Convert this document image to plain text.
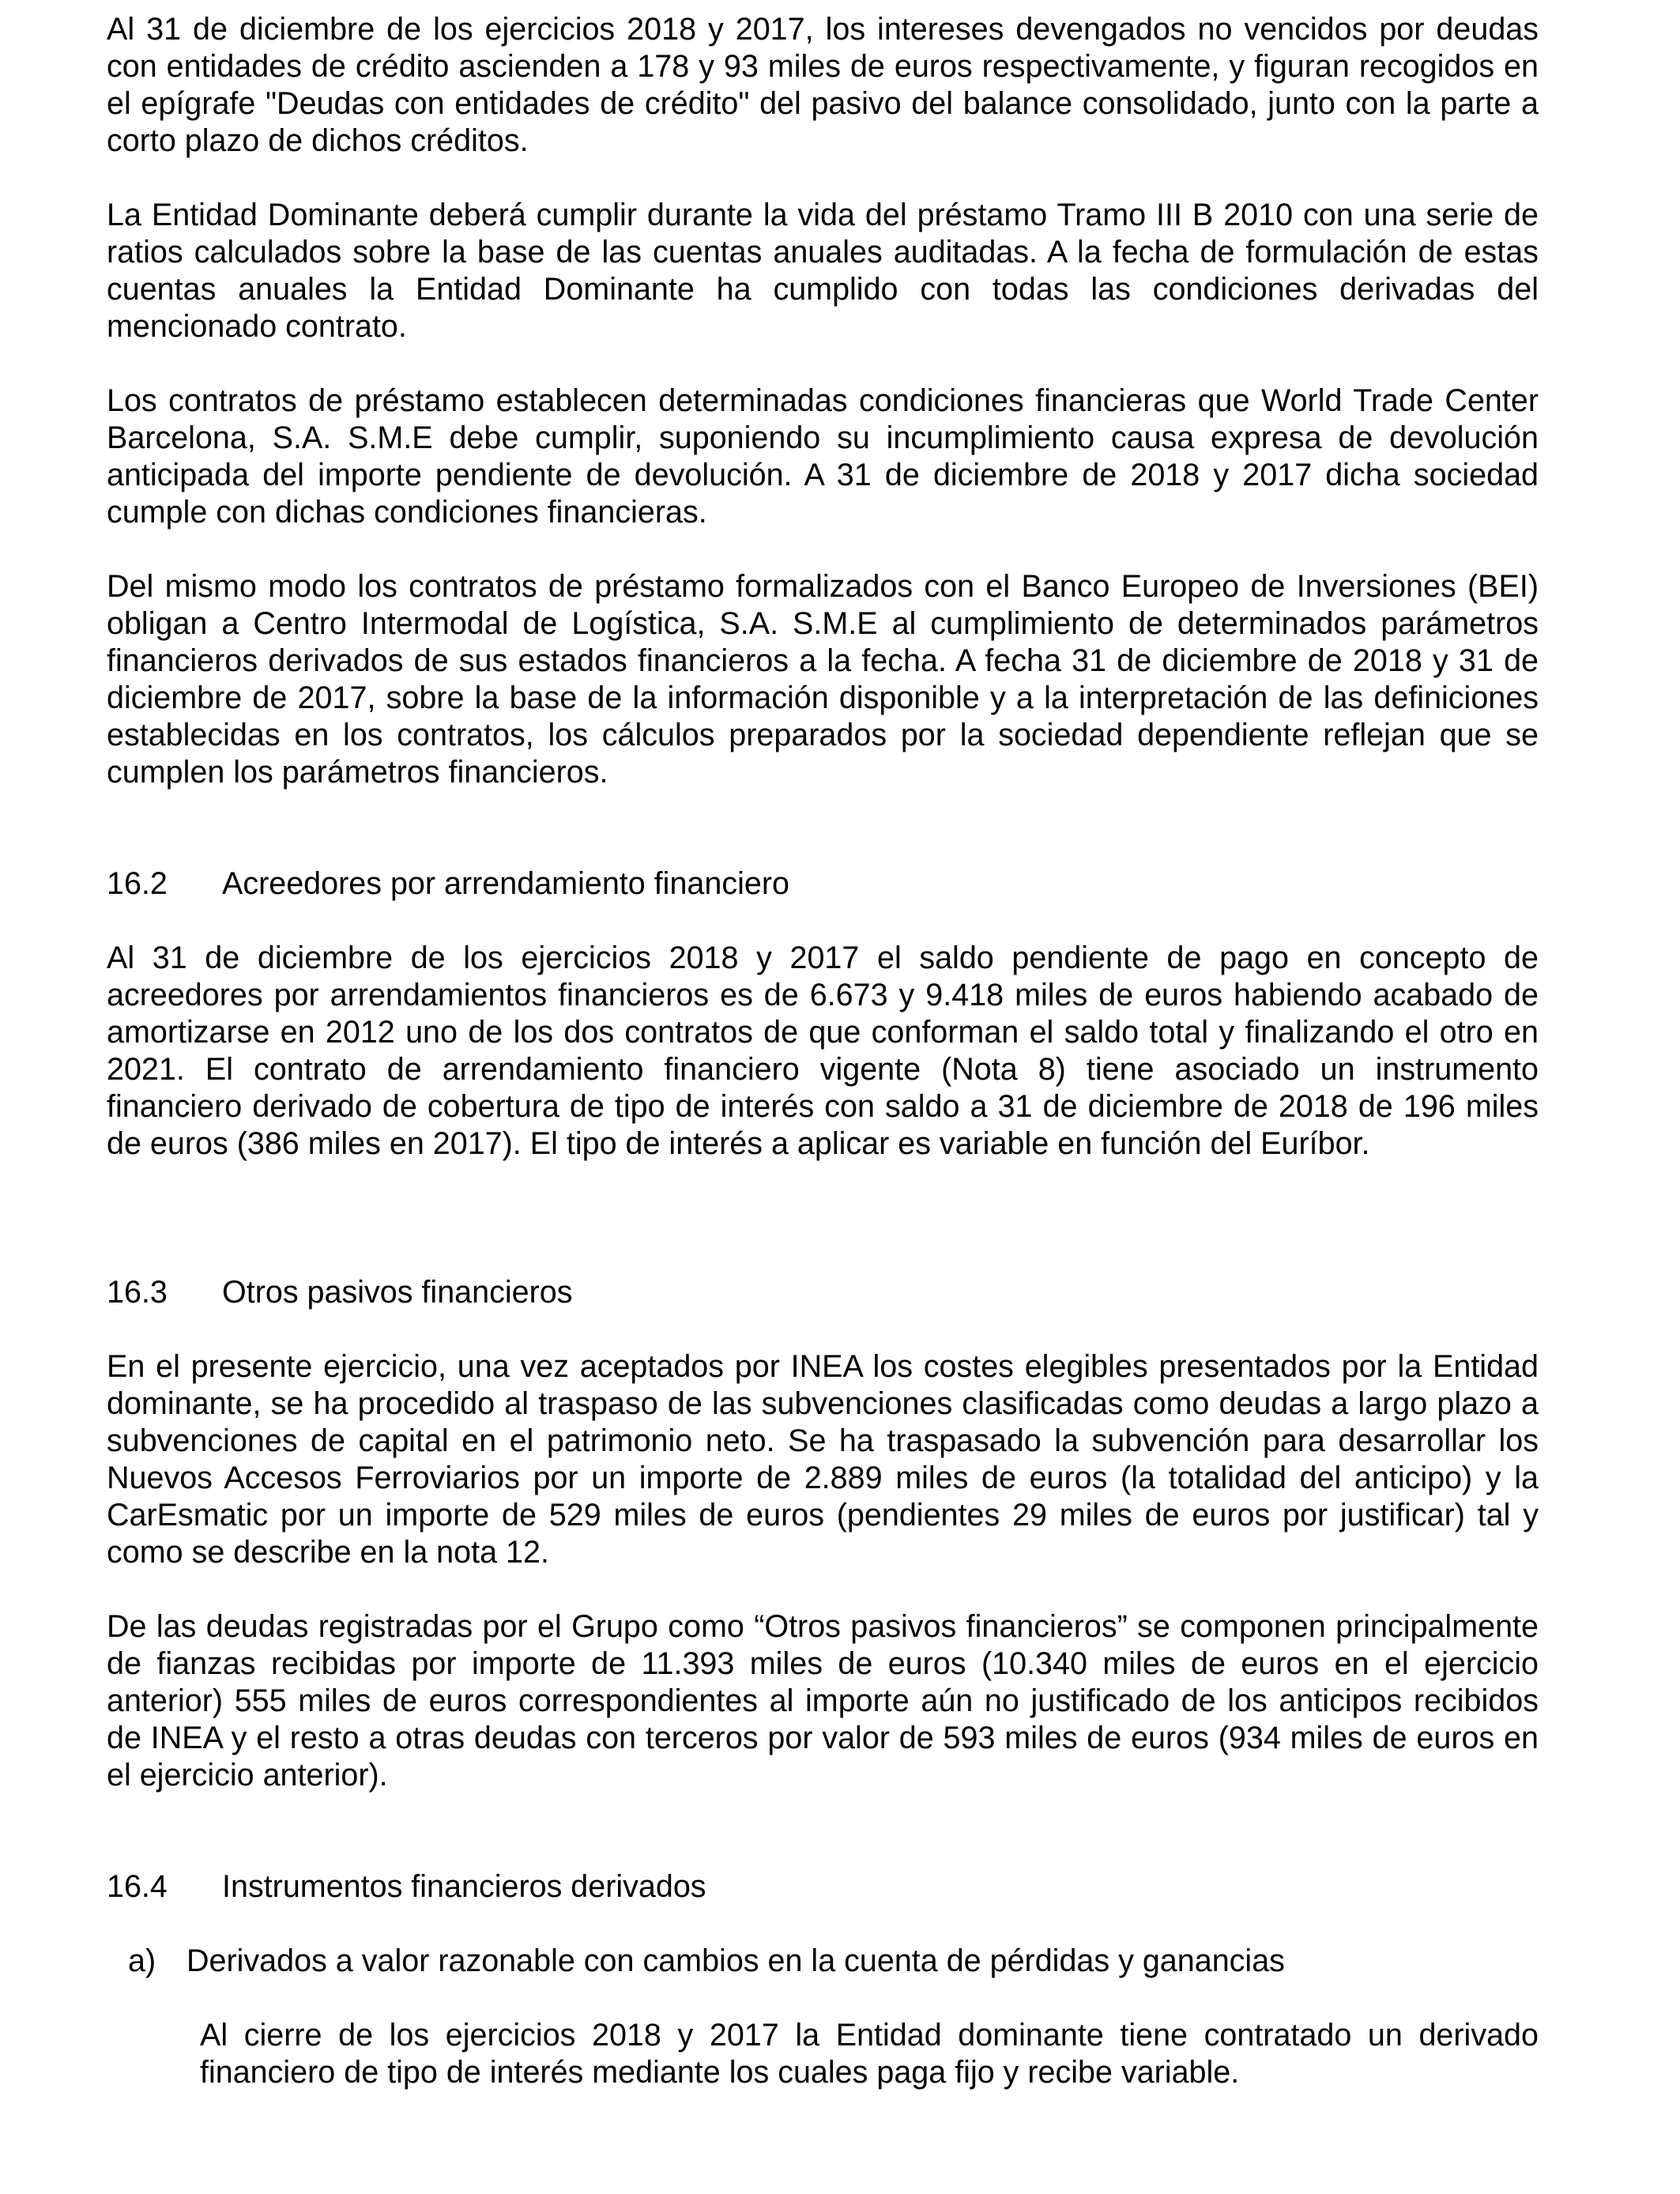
Al 31 de diciembre de los ejercicios 2018 y 2017, los intereses devengados no vencidos por deudas con entidades de crédito ascienden a 178 y 93 miles de euros respectivamente, y figuran recogidos en el epígrafe "Deudas con entidades de crédito" del pasivo del balance consolidado, junto con la parte a corto plazo de dichos créditos.

La Entidad Dominante deberá cumplir durante la vida del préstamo Tramo III B 2010 con una serie de ratios calculados sobre la base de las cuentas anuales auditadas. A la fecha de formulación de estas cuentas anuales la Entidad Dominante ha cumplido con todas las condiciones derivadas del mencionado contrato.

Los contratos de préstamo establecen determinadas condiciones financieras que World Trade Center Barcelona, S.A. S.M.E debe cumplir, suponiendo su incumplimiento causa expresa de devolución anticipada del importe pendiente de devolución. A 31 de diciembre de 2018 y 2017 dicha sociedad cumple con dichas condiciones financieras.

Del mismo modo los contratos de préstamo formalizados con el Banco Europeo de Inversiones (BEI) obligan a Centro Intermodal de Logística, S.A. S.M.E al cumplimiento de determinados parámetros financieros derivados de sus estados financieros a la fecha. A fecha 31 de diciembre de 2018 y 31 de diciembre de 2017, sobre la base de la información disponible y a la interpretación de las definiciones establecidas en los contratos, los cálculos preparados por la sociedad dependiente reflejan que se cumplen los parámetros financieros.

16.2	Acreedores por arrendamiento financiero

Al 31 de diciembre de los ejercicios 2018 y 2017 el saldo pendiente de pago en concepto de acreedores por arrendamientos financieros es de 6.673 y 9.418 miles de euros habiendo acabado de amortizarse en 2012 uno de los dos contratos de que conforman el saldo total y finalizando el otro en 2021. El contrato de arrendamiento financiero vigente (Nota 8) tiene asociado un instrumento financiero derivado de cobertura de tipo de interés con saldo a 31 de diciembre de 2018 de 196 miles de euros (386 miles en 2017). El tipo de interés a aplicar es variable en función del Euríbor.

16.3	Otros pasivos financieros

En el presente ejercicio, una vez aceptados por INEA los costes elegibles presentados por la Entidad dominante, se ha procedido al traspaso de las subvenciones clasificadas como deudas a largo plazo a subvenciones de capital en el patrimonio neto. Se ha traspasado la subvención para desarrollar los Nuevos Accesos Ferroviarios por un importe de 2.889 miles de euros (la totalidad del anticipo) y la CarEsmatic por un importe de 529 miles de euros (pendientes 29 miles de euros por justificar) tal y como se describe en la nota 12.

De las deudas registradas por el Grupo como “Otros pasivos financieros” se componen principalmente de fianzas recibidas por importe de 11.393 miles de euros (10.340 miles de euros en el ejercicio anterior) 555 miles de euros correspondientes al importe aún no justificado de los anticipos recibidos de INEA y el resto a otras deudas con terceros por valor de 593 miles de euros (934 miles de euros en el ejercicio anterior).

16.4	Instrumentos financieros derivados
a) Derivados a valor razonable con cambios en la cuenta de pérdidas y ganancias

Al cierre de los ejercicios 2018 y 2017 la Entidad dominante tiene contratado un derivado financiero de tipo de interés mediante los cuales paga fijo y recibe variable.
